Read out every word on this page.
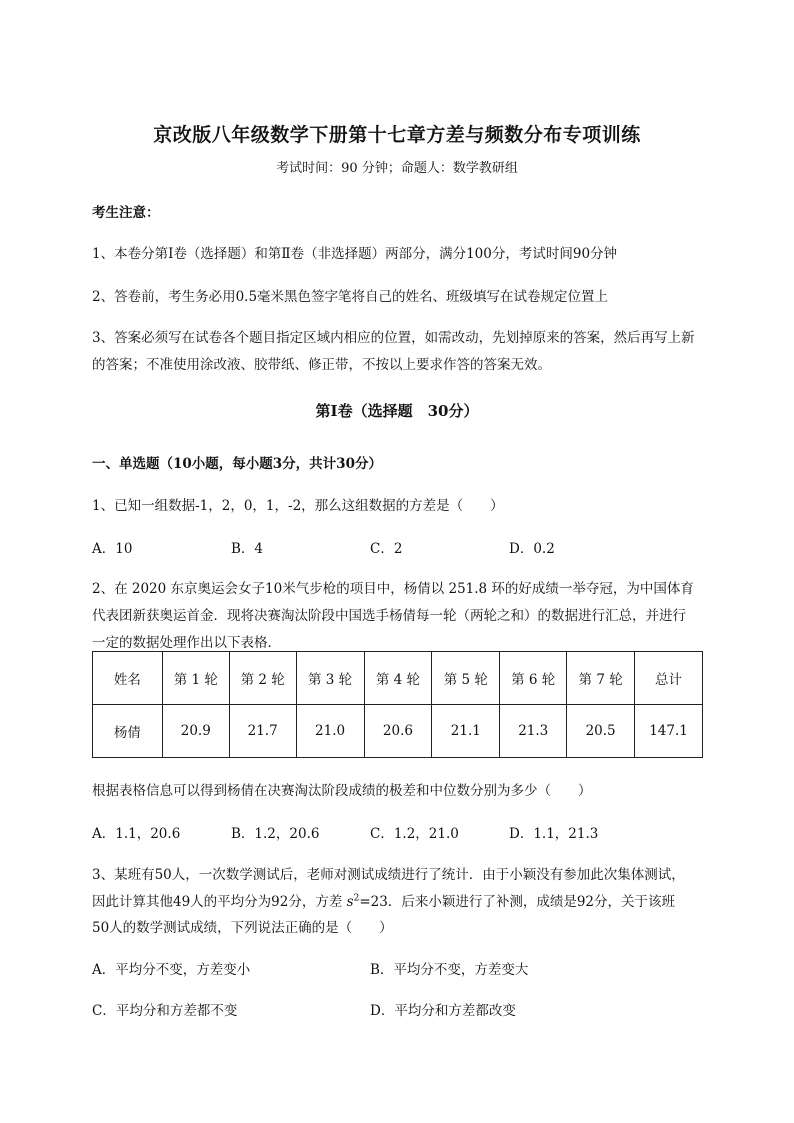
京改版八年级数学下册第十七章方差与频数分布专项训练
考试时间：90 分钟；命题人：数学教研组
考生注意：
1、本卷分第Ⅰ卷（选择题）和第Ⅱ卷（非选择题）两部分，满分100分，考试时间90分钟
2、答卷前，考生务必用0.5毫米黑色签字笔将自己的姓名、班级填写在试卷规定位置上
3、答案必须写在试卷各个题目指定区域内相应的位置，如需改动，先划掉原来的答案，然后再写上新
的答案；不准使用涂改液、胶带纸、修正带，不按以上要求作答的答案无效。
第Ⅰ卷（选择题　30分）
一、单选题（10小题，每小题3分，共计30分）
1、已知一组数据-1，2，0，1，-2，那么这组数据的方差是（　　）
A．10	B．4	C．2	D．0.2
2、在 2020 东京奥运会女子10米气步枪的项目中，杨倩以 251.8 环的好成绩一举夺冠，为中国体育
代表团新获奥运首金．现将决赛淘汰阶段中国选手杨倩每一轮（两轮之和）的数据进行汇总，并进行
一定的数据处理作出以下表格．
姓名	第 1 轮	第 2 轮	第 3 轮	第 4 轮	第 5 轮	第 6 轮	第 7 轮	总计
杨倩	20.9	21.7	21.0	20.6	21.1	21.3	20.5	147.1
根据表格信息可以得到杨倩在决赛淘汰阶段成绩的极差和中位数分别为多少（　　）
A．1.1，20.6	B．1.2，20.6	C．1.2，21.0	D．1.1，21.3
3、某班有50人，一次数学测试后，老师对测试成绩进行了统计．由于小颖没有参加此次集体测试，
因此计算其他49人的平均分为92分，方差 $s^2=23$．后来小颖进行了补测，成绩是92分，关于该班
50人的数学测试成绩，下列说法正确的是（　　）
A．平均分不变，方差变小	B．平均分不变，方差变大
C．平均分和方差都不变	D．平均分和方差都改变
